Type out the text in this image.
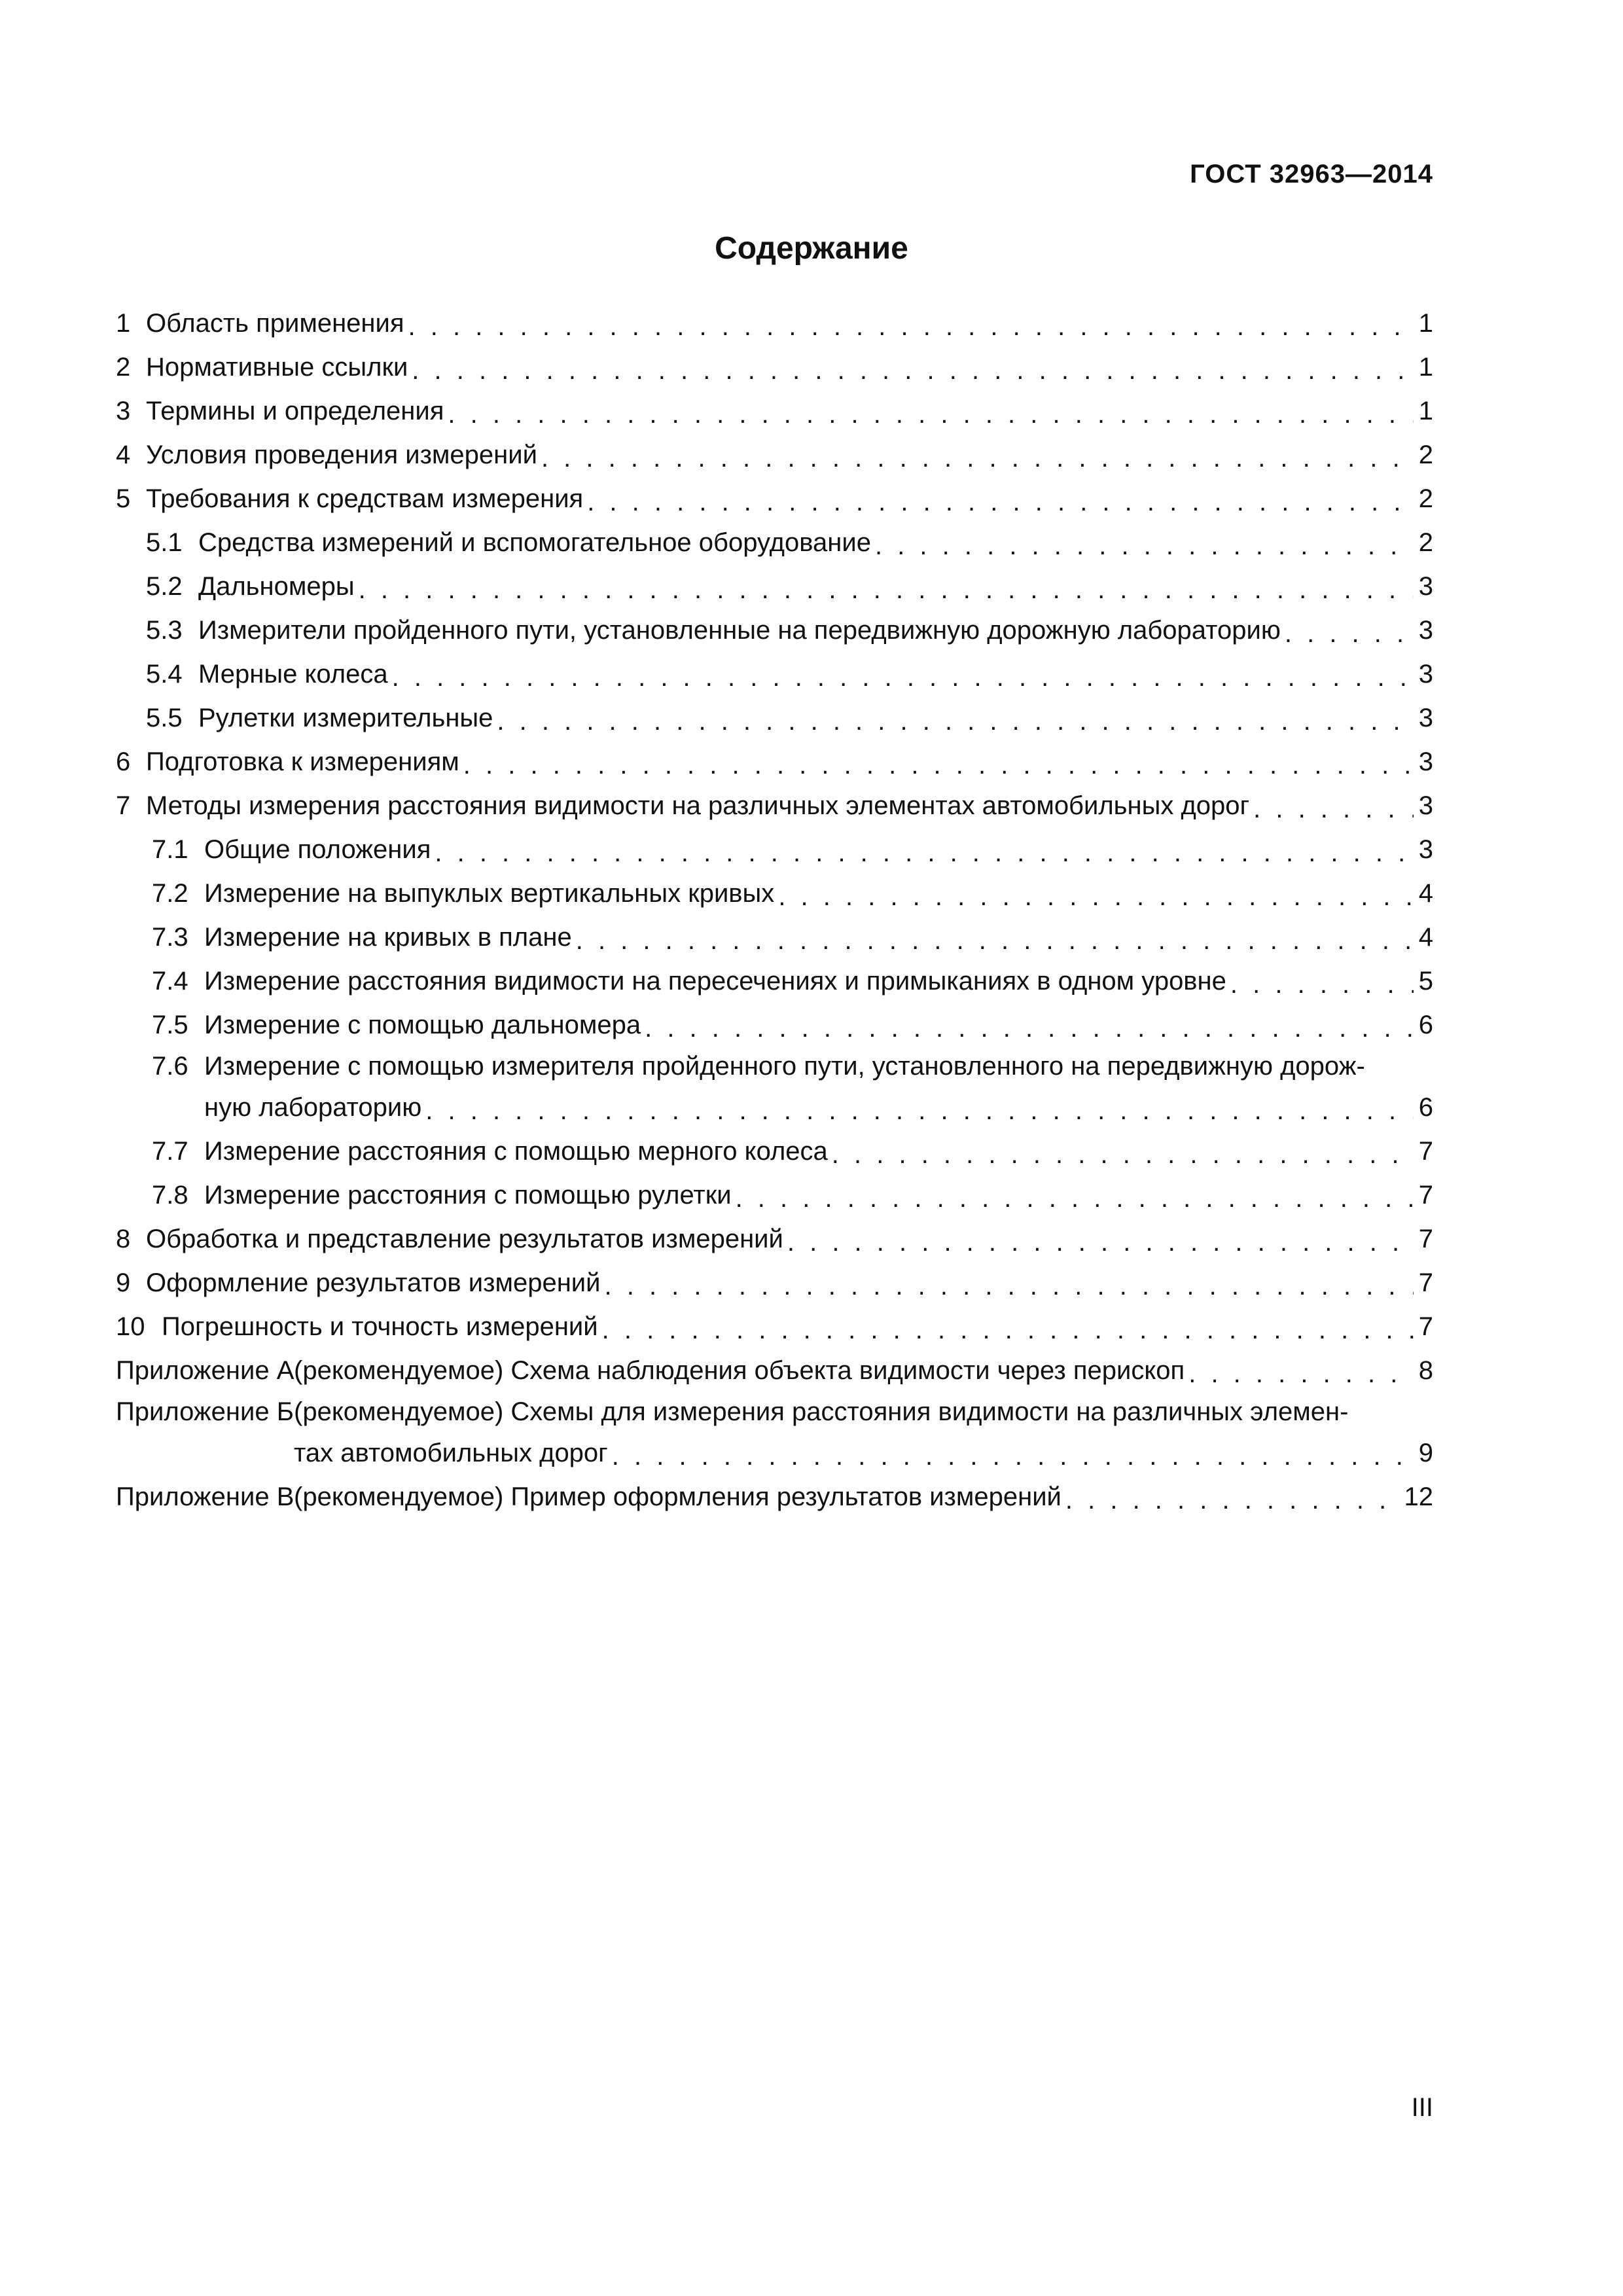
ГОСТ 32963—2014
Содержание
1 Область применения . . .	1
2 Нормативные ссылки . . .	1
3 Термины и определения . . .	1
4 Условия проведения измерений . . .	2
5 Требования к средствам измерения . . .	2
5.1 Средства измерений и вспомогательное оборудование . . .	2
5.2 Дальномеры . . .	3
5.3 Измерители пройденного пути, установленные на передвижную дорожную лабораторию . . .	3
5.4 Мерные колеса . . .	3
5.5 Рулетки измерительные . . .	3
6 Подготовка к измерениям . . .	3
7 Методы измерения расстояния видимости на различных элементах автомобильных дорог . . .	3
7.1 Общие положения . . .	3
7.2 Измерение на выпуклых вертикальных кривых . . .	4
7.3 Измерение на кривых в плане . . .	4
7.4 Измерение расстояния видимости на пересечениях и примыканиях в одном уровне . . .	5
7.5 Измерение с помощью дальномера . . .	6
7.6 Измерение с помощью измерителя пройденного пути, установленного на передвижную дорож-
ную лабораторию . . .	6
7.7 Измерение расстояния с помощью мерного колеса . . .	7
7.8 Измерение расстояния с помощью рулетки . . .	7
8 Обработка и представление результатов измерений . . .	7
9 Оформление результатов измерений . . .	7
10 Погрешность и точность измерений . . .	7
Приложение А (рекомендуемое) Схема наблюдения объекта видимости через перископ . . .	8
Приложение Б (рекомендуемое) Схемы для измерения расстояния видимости на различных элемен-
тах автомобильных дорог . . .	9
Приложение В (рекомендуемое) Пример оформления результатов измерений . . .	12
III
